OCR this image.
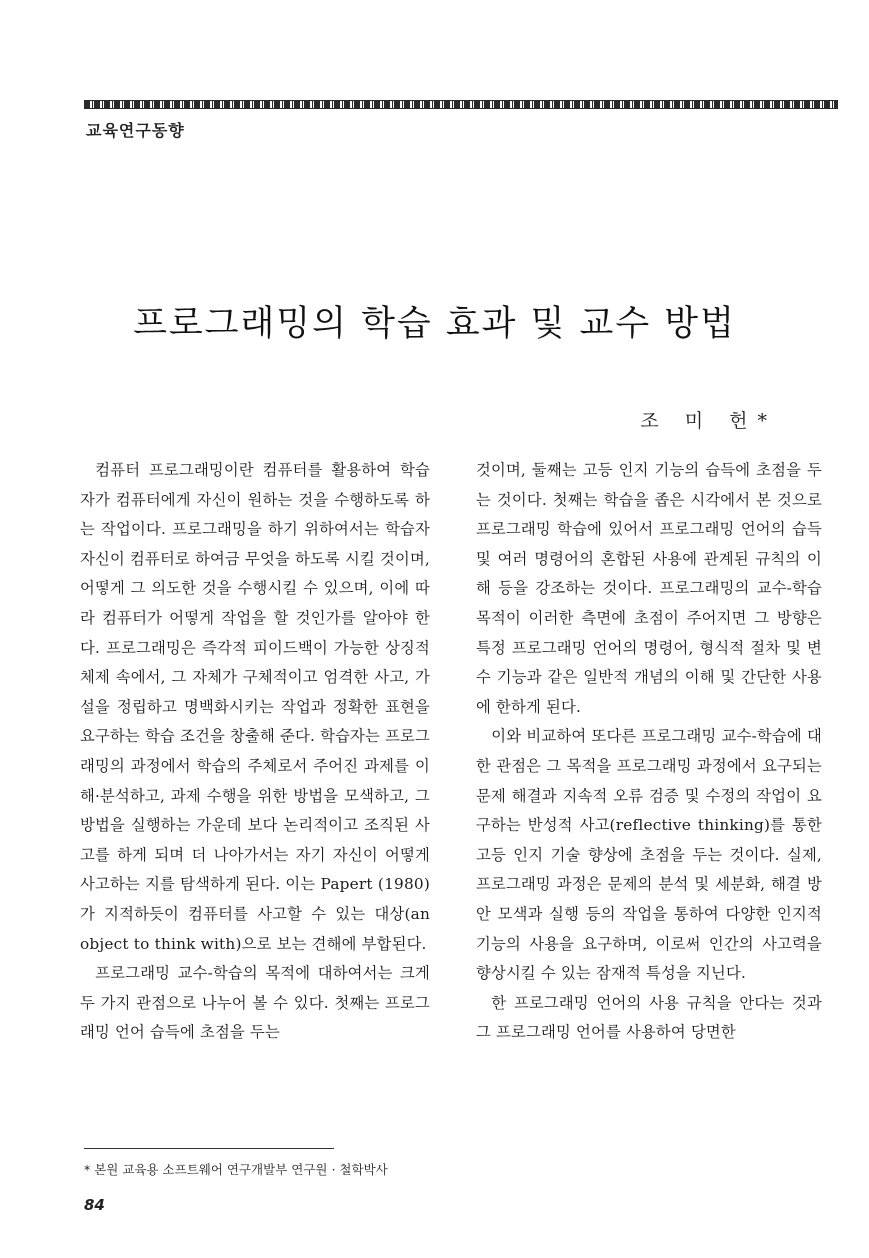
교육연구동향
프로그래밍의 학습 효과 및 교수 방법
조 미 헌*

컴퓨터 프로그래밍이란 컴퓨터를 활용하여 학습자가 컴퓨터에게 자신이 원하는 것을 수행하도록 하는 작업이다. 프로그래밍을 하기 위하여서는 학습자 자신이 컴퓨터로 하여금 무엇을 하도록 시킬 것이며, 어떻게 그 의도한 것을 수행시킬 수 있으며, 이에 따라 컴퓨터가 어떻게 작업을 할 것인가를 알아야 한다. 프로그래밍은 즉각적 피이드백이 가능한 상징적 체제 속에서, 그 자체가 구체적이고 엄격한 사고, 가설을 정립하고 명백화시키는 작업과 정확한 표현을 요구하는 학습 조건을 창출해 준다. 학습자는 프로그래밍의 과정에서 학습의 주체로서 주어진 과제를 이해·분석하고, 과제 수행을 위한 방법을 모색하고, 그 방법을 실행하는 가운데 보다 논리적이고 조직된 사고를 하게 되며 더 나아가서는 자기 자신이 어떻게 사고하는 지를 탐색하게 된다. 이는 Papert (1980)가 지적하듯이 컴퓨터를 사고할 수 있는 대상(an object to think with)으로 보는 견해에 부합된다.

프로그래밍 교수-학습의 목적에 대하여서는 크게 두 가지 관점으로 나누어 볼 수 있다. 첫째는 프로그래밍 언어 습득에 초점을 두는

것이며, 둘째는 고등 인지 기능의 습득에 초점을 두는 것이다. 첫째는 학습을 좁은 시각에서 본 것으로 프로그래밍 학습에 있어서 프로그래밍 언어의 습득 및 여러 명령어의 혼합된 사용에 관계된 규칙의 이해 등을 강조하는 것이다. 프로그래밍의 교수-학습 목적이 이러한 측면에 초점이 주어지면 그 방향은 특정 프로그래밍 언어의 명령어, 형식적 절차 및 변수 기능과 같은 일반적 개념의 이해 및 간단한 사용에 한하게 된다.

이와 비교하여 또다른 프로그래밍 교수-학습에 대한 관점은 그 목적을 프로그래밍 과정에서 요구되는 문제 해결과 지속적 오류 검증 및 수정의 작업이 요구하는 반성적 사고(reflective thinking)를 통한 고등 인지 기술 향상에 초점을 두는 것이다. 실제, 프로그래밍 과정은 문제의 분석 및 세분화, 해결 방안 모색과 실행 등의 작업을 통하여 다양한 인지적 기능의 사용을 요구하며, 이로써 인간의 사고력을 향상시킬 수 있는 잠재적 특성을 지닌다.

한 프로그래밍 언어의 사용 규칙을 안다는 것과 그 프로그래밍 언어를 사용하여 당면한

* 본원 교육용 소프트웨어 연구개발부 연구원 · 철학박사
84
